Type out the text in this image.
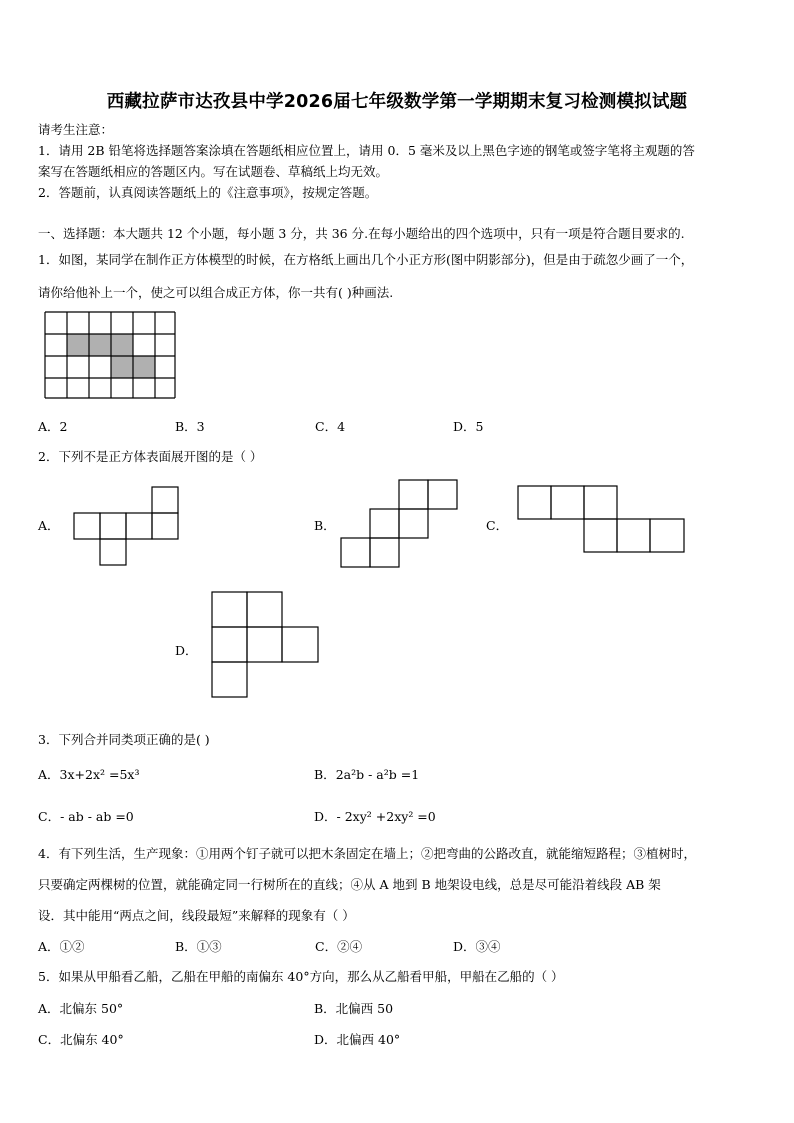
西藏拉萨市达孜县中学2026届七年级数学第一学期期末复习检测模拟试题
请考生注意：
1．请用 2B 铅笔将选择题答案涂填在答题纸相应位置上，请用 0．5 毫米及以上黑色字迹的钢笔或签字笔将主观题的答
案写在答题纸相应的答题区内。写在试题卷、草稿纸上均无效。
2．答题前，认真阅读答题纸上的《注意事项》，按规定答题。
一、选择题：本大题共 12 个小题，每小题 3 分，共 36 分.在每小题给出的四个选项中，只有一项是符合题目要求的.
1．如图，某同学在制作正方体模型的时候，在方格纸上画出几个小正方形(图中阴影部分)，但是由于疏忽少画了一个，
请你给他补上一个，使之可以组合成正方体，你一共有( )种画法.
A．2	B．3	C．4	D．5
2．下列不是正方体表面展开图的是（ ）
A．	B．	C．
D．
3．下列合并同类项正确的是( )
A．3x+2x² =5x³	B．2a²b - a²b =1
C．- ab - ab =0	D．- 2xy² +2xy² =0
4．有下列生活，生产现象：①用两个钉子就可以把木条固定在墙上；②把弯曲的公路改直，就能缩短路程；③植树时，
只要确定两棵树的位置，就能确定同一行树所在的直线；④从 A 地到 B 地架设电线，总是尽可能沿着线段 AB 架
设．其中能用“两点之间，线段最短”来解释的现象有（ ）
A．①②	B．①③	C．②④	D．③④
5．如果从甲船看乙船，乙船在甲船的南偏东 40°方向，那么从乙船看甲船，甲船在乙船的（ ）
A．北偏东 50°	B．北偏西 50
C．北偏东 40°	D．北偏西 40°
